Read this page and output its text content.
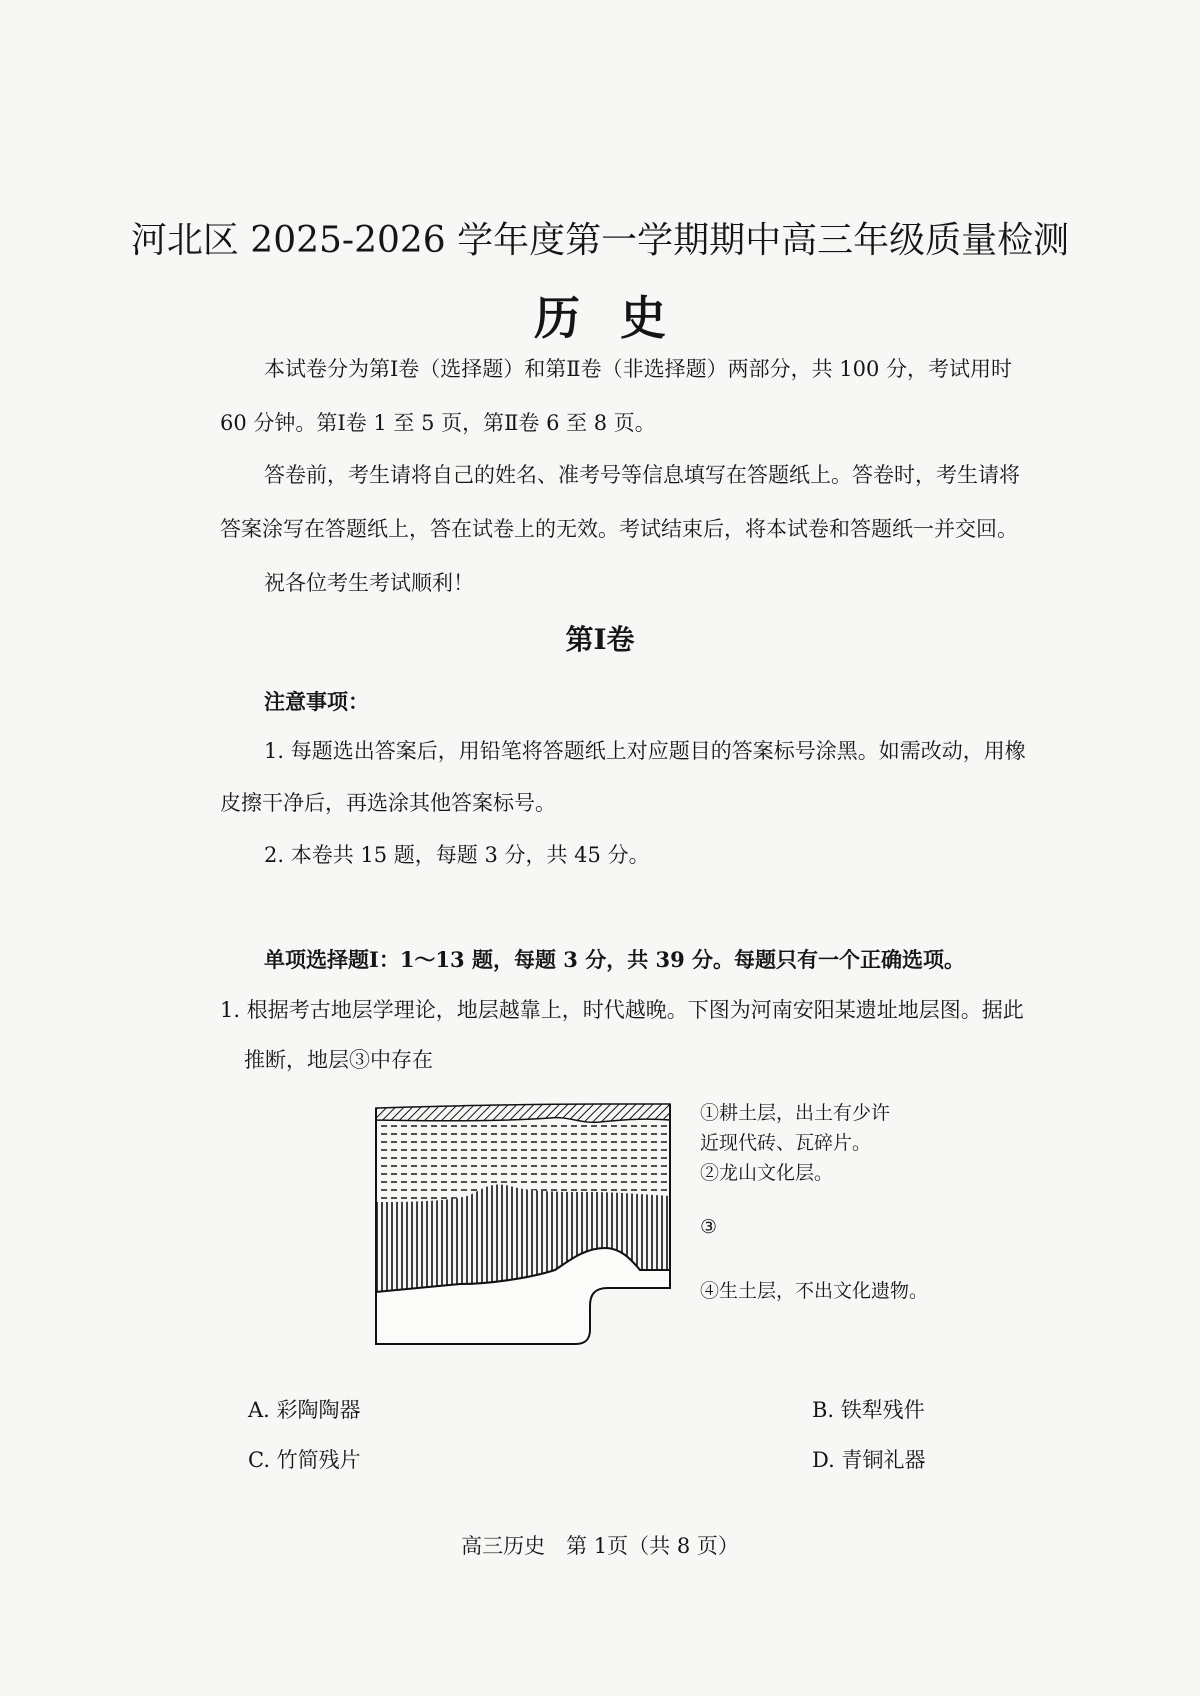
河北区 2025-2026 学年度第一学期期中高三年级质量检测
历史

本试卷分为第Ⅰ卷（选择题）和第Ⅱ卷（非选择题）两部分，共 100 分，考试用时

60 分钟。第Ⅰ卷 1 至 5 页，第Ⅱ卷 6 至 8 页。

答卷前，考生请将自己的姓名、准考号等信息填写在答题纸上。答卷时，考生请将

答案涂写在答题纸上，答在试卷上的无效。考试结束后，将本试卷和答题纸一并交回。

祝各位考生考试顺利！

第Ⅰ卷
注意事项：

1. 每题选出答案后，用铅笔将答题纸上对应题目的答案标号涂黑。如需改动，用橡

皮擦干净后，再选涂其他答案标号。

2. 本卷共 15 题，每题 3 分，共 45 分。

单项选择题Ⅰ：1～13 题，每题 3 分，共 39 分。每题只有一个正确选项。
1. 根据考古地层学理论，地层越靠上，时代越晚。下图为河南安阳某遗址地层图。据此
推断，地层③中存在
①耕土层，出土有少许
近现代砖、瓦碎片。
②龙山文化层。
③
④生土层，不出文化遗物。
A. 彩陶陶器	B. 铁犁残件
C. 竹简残片	D. 青铜礼器
高三历史　第 1页（共 8 页）
